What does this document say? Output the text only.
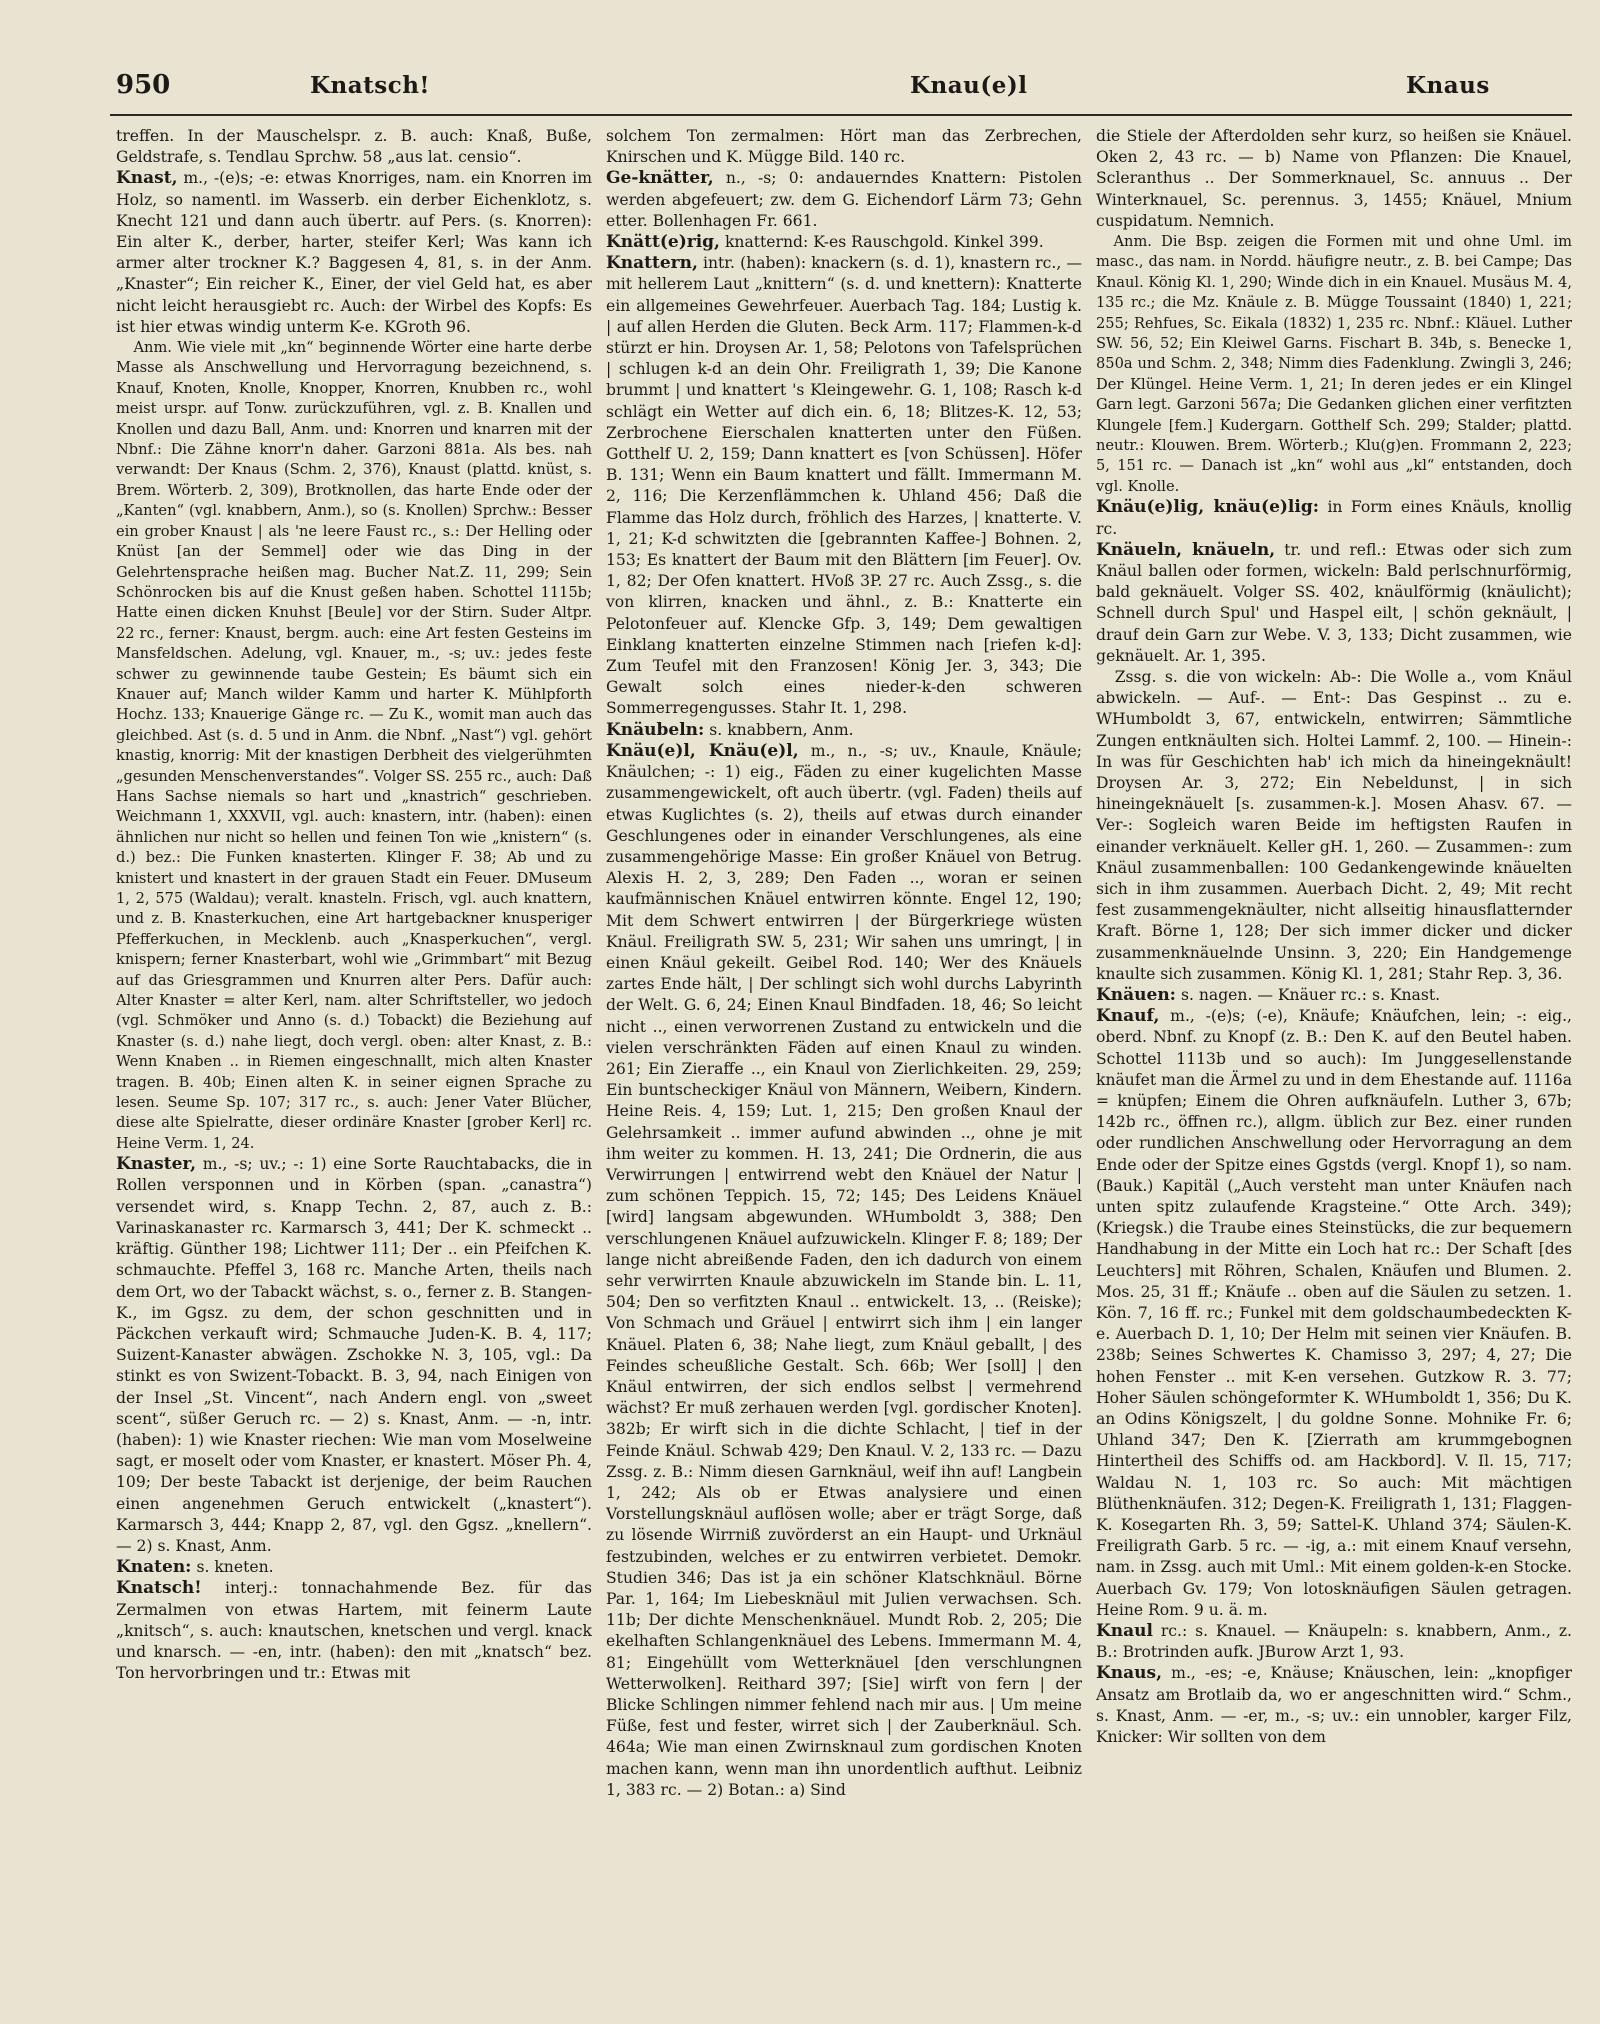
950	Knatsch!	Knau(e)l	Knaus

treffen. In der Mauschelspr. z. B. auch: Knaß, Buße, Geldstrafe, s. Tendlau Sprchw. 58 „aus lat. censio“.

Knast, m., -(e)s; -e: etwas Knorriges, nam. ein Knorren im Holz, so namentl. im Wasserb. ein derber Eichenklotz, s. Knecht 121 und dann auch übertr. auf Pers. (s. Knorren): Ein alter K., derber, harter, steifer Kerl; Was kann ich armer alter trockner K.? Baggesen 4, 81, s. in der Anm. „Knaster“; Ein reicher K., Einer, der viel Geld hat, es aber nicht leicht herausgiebt rc. Auch: der Wirbel des Kopfs: Es ist hier etwas windig unterm K-e. KGroth 96.

Anm. Wie viele mit „kn“ beginnende Wörter eine harte derbe Masse als Anschwellung und Hervorragung bezeichnend, s. Knauf, Knoten, Knolle, Knopper, Knorren, Knubben rc., wohl meist urspr. auf Tonw. zurückzuführen, vgl. z. B. Knallen und Knollen und dazu Ball, Anm. und: Knorren und knarren mit der Nbnf.: Die Zähne knorr'n daher. Garzoni 881a. Als bes. nah verwandt: Der Knaus (Schm. 2, 376), Knaust (plattd. knüst, s. Brem. Wörterb. 2, 309), Brotknollen, das harte Ende oder der „Kanten“ (vgl. knabbern, Anm.), so (s. Knollen) Sprchw.: Besser ein grober Knaust | als 'ne leere Faust rc., s.: Der Helling oder Knüst [an der Semmel] oder wie das Ding in der Gelehrtensprache heißen mag. Bucher Nat.Z. 11, 299; Sein Schönrocken bis auf die Knust geßen haben. Schottel 1115b; Hatte einen dicken Knuhst [Beule] vor der Stirn. Suder Altpr. 22 rc., ferner: Knaust, bergm. auch: eine Art festen Gesteins im Mansfeldschen. Adelung, vgl. Knauer, m., -s; uv.: jedes feste schwer zu gewinnende taube Gestein; Es bäumt sich ein Knauer auf; Manch wilder Kamm und harter K. Mühlpforth Hochz. 133; Knauerige Gänge rc. — Zu K., womit man auch das gleichbed. Ast (s. d. 5 und in Anm. die Nbnf. „Nast“) vgl. gehört knastig, knorrig: Mit der knastigen Derbheit des vielgerühmten „gesunden Menschenverstandes“. Volger SS. 255 rc., auch: Daß Hans Sachse niemals so hart und „knastrich“ geschrieben. Weichmann 1, XXXVII, vgl. auch: knastern, intr. (haben): einen ähnlichen nur nicht so hellen und feinen Ton wie „knistern“ (s. d.) bez.: Die Funken knasterten. Klinger F. 38; Ab und zu knistert und knastert in der grauen Stadt ein Feuer. DMuseum 1, 2, 575 (Waldau); veralt. knasteln. Frisch, vgl. auch knattern, und z. B. Knasterkuchen, eine Art hartgebackner knusperiger Pfefferkuchen, in Mecklenb. auch „Knasperkuchen“, vergl. knispern; ferner Knasterbart, wohl wie „Grimmbart“ mit Bezug auf das Griesgrammen und Knurren alter Pers. Dafür auch: Alter Knaster = alter Kerl, nam. alter Schriftsteller, wo jedoch (vgl. Schmöker und Anno (s. d.) Tobackt) die Beziehung auf Knaster (s. d.) nahe liegt, doch vergl. oben: alter Knast, z. B.: Wenn Knaben .. in Riemen eingeschnallt, mich alten Knaster tragen. B. 40b; Einen alten K. in seiner eignen Sprache zu lesen. Seume Sp. 107; 317 rc., s. auch: Jener Vater Blücher, diese alte Spielratte, dieser ordinäre Knaster [grober Kerl] rc. Heine Verm. 1, 24.

Knaster, m., -s; uv.; -: 1) eine Sorte Rauchtabacks, die in Rollen versponnen und in Körben (span. „canastra“) versendet wird, s. Knapp Techn. 2, 87, auch z. B.: Varinaskanaster rc. Karmarsch 3, 441; Der K. schmeckt .. kräftig. Günther 198; Lichtwer 111; Der .. ein Pfeifchen K. schmauchte. Pfeffel 3, 168 rc. Manche Arten, theils nach dem Ort, wo der Tabackt wächst, s. o., ferner z. B. Stangen-K., im Ggsz. zu dem, der schon geschnitten und in Päckchen verkauft wird; Schmauche Juden-K. B. 4, 117; Suizent-Kanaster abwägen. Zschokke N. 3, 105, vgl.: Da stinkt es von Swizent-Tobackt. B. 3, 94, nach Einigen von der Insel „St. Vincent“, nach Andern engl. von „sweet scent“, süßer Geruch rc. — 2) s. Knast, Anm. — -n, intr. (haben): 1) wie Knaster riechen: Wie man vom Moselweine sagt, er moselt oder vom Knaster, er knastert. Möser Ph. 4, 109; Der beste Tabackt ist derjenige, der beim Rauchen einen angenehmen Geruch entwickelt („knastert“). Karmarsch 3, 444; Knapp 2, 87, vgl. den Ggsz. „knellern“. — 2) s. Knast, Anm.

Knaten: s. kneten.

Knatsch! interj.: tonnachahmende Bez. für das Zermalmen von etwas Hartem, mit feinerm Laute „knitsch“, s. auch: knautschen, knetschen und vergl. knack und knarsch. — -en, intr. (haben): den mit „knatsch“ bez. Ton hervorbringen und tr.: Etwas mit

solchem Ton zermalmen: Hört man das Zerbrechen, Knirschen und K. Mügge Bild. 140 rc.

Ge-knätter, n., -s; 0: andauerndes Knattern: Pistolen werden abgefeuert; zw. dem G. Eichendorf Lärm 73; Gehn etter. Bollenhagen Fr. 661.

Knätt(e)rig, knatternd: K-es Rauschgold. Kinkel 399.

Knattern, intr. (haben): knackern (s. d. 1), knastern rc., — mit hellerem Laut „knittern“ (s. d. und knettern): Knatterte ein allgemeines Gewehrfeuer. Auerbach Tag. 184; Lustig k. | auf allen Herden die Gluten. Beck Arm. 117; Flammen-k-d stürzt er hin. Droysen Ar. 1, 58; Pelotons von Tafelsprüchen | schlugen k-d an dein Ohr. Freiligrath 1, 39; Die Kanone brummt | und knattert 's Kleingewehr. G. 1, 108; Rasch k-d schlägt ein Wetter auf dich ein. 6, 18; Blitzes-K. 12, 53; Zerbrochene Eierschalen knatterten unter den Füßen. Gotthelf U. 2, 159; Dann knattert es [von Schüssen]. Höfer B. 131; Wenn ein Baum knattert und fällt. Immermann M. 2, 116; Die Kerzenflämmchen k. Uhland 456; Daß die Flamme das Holz durch, fröhlich des Harzes, | knatterte. V. 1, 21; K-d schwitzten die [gebrannten Kaffee-] Bohnen. 2, 153; Es knattert der Baum mit den Blättern [im Feuer]. Ov. 1, 82; Der Ofen knattert. HVoß 3P. 27 rc. Auch Zssg., s. die von klirren, knacken und ähnl., z. B.: Knatterte ein Pelotonfeuer auf. Klencke Gfp. 3, 149; Dem gewaltigen Einklang knatterten einzelne Stimmen nach [riefen k-d]: Zum Teufel mit den Franzosen! König Jer. 3, 343; Die Gewalt solch eines nieder-k-den schweren Sommerregengusses. Stahr It. 1, 298.

Knäubeln: s. knabbern, Anm.

Knäu(e)l, Knäu(e)l, m., n., -s; uv., Knaule, Knäule; Knäulchen; -: 1) eig., Fäden zu einer kugelichten Masse zusammengewickelt, oft auch übertr. (vgl. Faden) theils auf etwas Kuglichtes (s. 2), theils auf etwas durch einander Geschlungenes oder in einander Verschlungenes, als eine zusammengehörige Masse: Ein großer Knäuel von Betrug. Alexis H. 2, 3, 289; Den Faden .., woran er seinen kaufmännischen Knäuel entwirren könnte. Engel 12, 190; Mit dem Schwert entwirren | der Bürgerkriege wüsten Knäul. Freiligrath SW. 5, 231; Wir sahen uns umringt, | in einen Knäul gekeilt. Geibel Rod. 140; Wer des Knäuels zartes Ende hält, | Der schlingt sich wohl durchs Labyrinth der Welt. G. 6, 24; Einen Knaul Bindfaden. 18, 46; So leicht nicht .., einen verworrenen Zustand zu entwickeln und die vielen verschränkten Fäden auf einen Knaul zu winden. 261; Ein Zieraffe .., ein Knaul von Zierlichkeiten. 29, 259; Ein buntscheckiger Knäul von Männern, Weibern, Kindern. Heine Reis. 4, 159; Lut. 1, 215; Den großen Knaul der Gelehrsamkeit .. immer aufund abwinden .., ohne je mit ihm weiter zu kommen. H. 13, 241; Die Ordnerin, die aus Verwirrungen | entwirrend webt den Knäuel der Natur | zum schönen Teppich. 15, 72; 145; Des Leidens Knäuel [wird] langsam abgewunden. WHumboldt 3, 388; Den verschlungenen Knäuel aufzuwickeln. Klinger F. 8; 189; Der lange nicht abreißende Faden, den ich dadurch von einem sehr verwirrten Knaule abzuwickeln im Stande bin. L. 11, 504; Den so verfitzten Knaul .. entwickelt. 13, .. (Reiske); Von Schmach und Gräuel | entwirrt sich ihm | ein langer Knäuel. Platen 6, 38; Nahe liegt, zum Knäul geballt, | des Feindes scheußliche Gestalt. Sch. 66b; Wer [soll] | den Knäul entwirren, der sich endlos selbst | vermehrend wächst? Er muß zerhauen werden [vgl. gordischer Knoten]. 382b; Er wirft sich in die dichte Schlacht, | tief in der Feinde Knäul. Schwab 429; Den Knaul. V. 2, 133 rc. — Dazu Zssg. z. B.: Nimm diesen Garnknäul, weif ihn auf! Langbein 1, 242; Als ob er Etwas analysiere und einen Vorstellungsknäul auflösen wolle; aber er trägt Sorge, daß zu lösende Wirrniß zuvörderst an ein Haupt- und Urknäul festzubinden, welches er zu entwirren verbietet. Demokr. Studien 346; Das ist ja ein schöner Klatschknäul. Börne Par. 1, 164; Im Liebesknäul mit Julien verwachsen. Sch. 11b; Der dichte Menschenknäuel. Mundt Rob. 2, 205; Die ekelhaften Schlangenknäuel des Lebens. Immermann M. 4, 81; Eingehüllt vom Wetterknäuel [den verschlungnen Wetterwolken]. Reithard 397; [Sie] wirft von fern | der Blicke Schlingen nimmer fehlend nach mir aus. | Um meine Füße, fest und fester, wirret sich | der Zauberknäul. Sch. 464a; Wie man einen Zwirnsknaul zum gordischen Knoten machen kann, wenn man ihn unordentlich aufthut. Leibniz 1, 383 rc. — 2) Botan.: a) Sind

die Stiele der Afterdolden sehr kurz, so heißen sie Knäuel. Oken 2, 43 rc. — b) Name von Pflanzen: Die Knauel, Scleranthus .. Der Sommerknauel, Sc. annuus .. Der Winterknauel, Sc. perennus. 3, 1455; Knäuel, Mnium cuspidatum. Nemnich.

Anm. Die Bsp. zeigen die Formen mit und ohne Uml. im masc., das nam. in Nordd. häufigre neutr., z. B. bei Campe; Das Knaul. König Kl. 1, 290; Winde dich in ein Knauel. Musäus M. 4, 135 rc.; die Mz. Knäule z. B. Mügge Toussaint (1840) 1, 221; 255; Rehfues, Sc. Eikala (1832) 1, 235 rc. Nbnf.: Kläuel. Luther SW. 56, 52; Ein Kleiwel Garns. Fischart B. 34b, s. Benecke 1, 850a und Schm. 2, 348; Nimm dies Fadenklung. Zwingli 3, 246; Der Klüngel. Heine Verm. 1, 21; In deren jedes er ein Klingel Garn legt. Garzoni 567a; Die Gedanken glichen einer verfitzten Klungele [fem.] Kudergarn. Gotthelf Sch. 299; Stalder; plattd. neutr.: Klouwen. Brem. Wörterb.; Klu(g)en. Frommann 2, 223; 5, 151 rc. — Danach ist „kn“ wohl aus „kl“ entstanden, doch vgl. Knolle.

Knäu(e)lig, knäu(e)lig: in Form eines Knäuls, knollig rc.

Knäueln, knäueln, tr. und refl.: Etwas oder sich zum Knäul ballen oder formen, wickeln: Bald perlschnurförmig, bald geknäuelt. Volger SS. 402, knäulförmig (knäulicht); Schnell durch Spul' und Haspel eilt, | schön geknäult, | drauf dein Garn zur Webe. V. 3, 133; Dicht zusammen, wie geknäuelt. Ar. 1, 395.

Zssg. s. die von wickeln: Ab-: Die Wolle a., vom Knäul abwickeln. — Auf-. — Ent-: Das Gespinst .. zu e. WHumboldt 3, 67, entwickeln, entwirren; Sämmtliche Zungen entknäulten sich. Holtei Lammf. 2, 100. — Hinein-: In was für Geschichten hab' ich mich da hineingeknäult! Droysen Ar. 3, 272; Ein Nebeldunst, | in sich hineingeknäuelt [s. zusammen-k.]. Mosen Ahasv. 67. — Ver-: Sogleich waren Beide im heftigsten Raufen in einander verknäuelt. Keller gH. 1, 260. — Zusammen-: zum Knäul zusammenballen: 100 Gedankengewinde knäuelten sich in ihm zusammen. Auerbach Dicht. 2, 49; Mit recht fest zusammengeknäulter, nicht allseitig hinausflatternder Kraft. Börne 1, 128; Der sich immer dicker und dicker zusammenknäuelnde Unsinn. 3, 220; Ein Handgemenge knaulte sich zusammen. König Kl. 1, 281; Stahr Rep. 3, 36.

Knäuen: s. nagen. — Knäuer rc.: s. Knast.

Knauf, m., -(e)s; (-e), Knäufe; Knäufchen, lein; -: eig., oberd. Nbnf. zu Knopf (z. B.: Den K. auf den Beutel haben. Schottel 1113b und so auch): Im Junggesellenstande knäufet man die Ärmel zu und in dem Ehestande auf. 1116a = knüpfen; Einem die Ohren aufknäufeln. Luther 3, 67b; 142b rc., öffnen rc.), allgm. üblich zur Bez. einer runden oder rundlichen Anschwellung oder Hervorragung an dem Ende oder der Spitze eines Ggstds (vergl. Knopf 1), so nam. (Bauk.) Kapitäl („Auch versteht man unter Knäufen nach unten spitz zulaufende Kragsteine.“ Otte Arch. 349); (Kriegsk.) die Traube eines Steinstücks, die zur bequemern Handhabung in der Mitte ein Loch hat rc.: Der Schaft [des Leuchters] mit Röhren, Schalen, Knäufen und Blumen. 2. Mos. 25, 31 ff.; Knäufe .. oben auf die Säulen zu setzen. 1. Kön. 7, 16 ff. rc.; Funkel mit dem goldschaumbedeckten K-e. Auerbach D. 1, 10; Der Helm mit seinen vier Knäufen. B. 238b; Seines Schwertes K. Chamisso 3, 297; 4, 27; Die hohen Fenster .. mit K-en versehen. Gutzkow R. 3. 77; Hoher Säulen schöngeformter K. WHumboldt 1, 356; Du K. an Odins Königszelt, | du goldne Sonne. Mohnike Fr. 6; Uhland 347; Den K. [Zierrath am krummgebognen Hintertheil des Schiffs od. am Hackbord]. V. Il. 15, 717; Waldau N. 1, 103 rc. So auch: Mit mächtigen Blüthenknäufen. 312; Degen-K. Freiligrath 1, 131; Flaggen-K. Kosegarten Rh. 3, 59; Sattel-K. Uhland 374; Säulen-K. Freiligrath Garb. 5 rc. — -ig, a.: mit einem Knauf versehn, nam. in Zssg. auch mit Uml.: Mit einem golden-k-en Stocke. Auerbach Gv. 179; Von lotosknäufigen Säulen getragen. Heine Rom. 9 u. ä. m.

Knaul rc.: s. Knauel. — Knäupeln: s. knabbern, Anm., z. B.: Brotrinden aufk. JBurow Arzt 1, 93.

Knaus, m., -es; -e, Knäuse; Knäuschen, lein: „knopfiger Ansatz am Brotlaib da, wo er angeschnitten wird.“ Schm., s. Knast, Anm. — -er, m., -s; uv.: ein unnobler, karger Filz, Knicker: Wir sollten von dem
